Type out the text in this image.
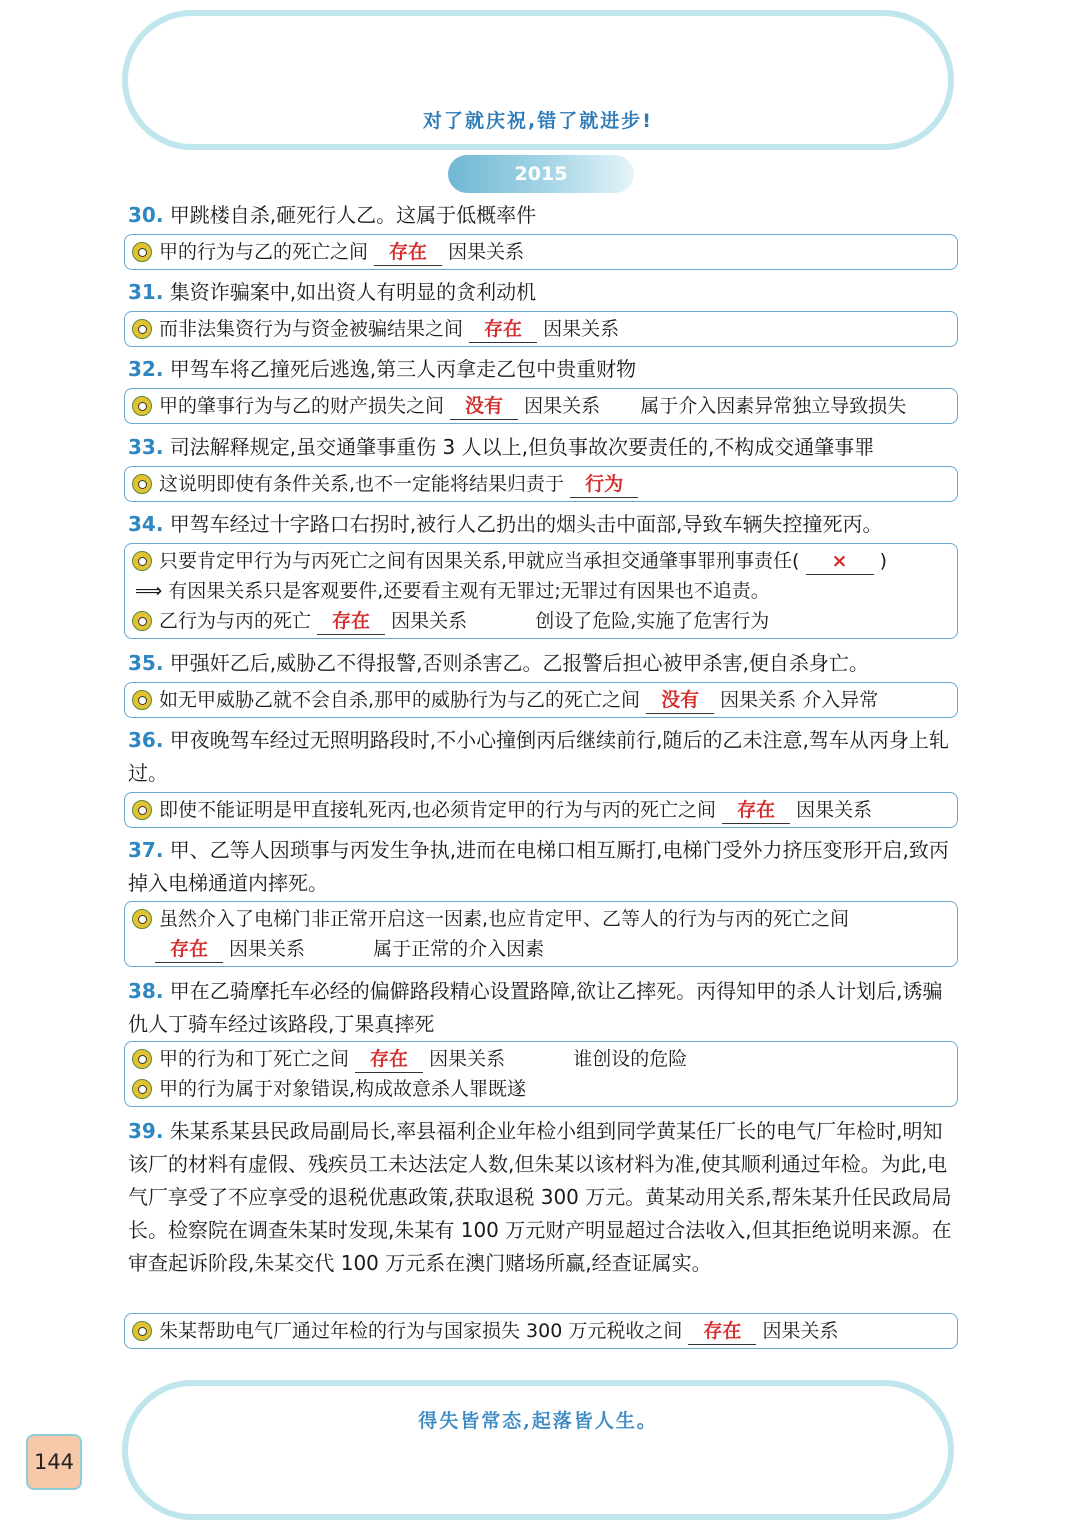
对了就庆祝,错了就进步!
2015
30. 甲跳楼自杀,砸死行人乙。这属于低概率件
甲的行为与乙的死亡之间 存在 因果关系
31. 集资诈骗案中,如出资人有明显的贪利动机
而非法集资行为与资金被骗结果之间 存在 因果关系
32. 甲驾车将乙撞死后逃逸,第三人丙拿走乙包中贵重财物
甲的肇事行为与乙的财产损失之间 没有 因果关系 属于介入因素异常独立导致损失
33. 司法解释规定,虽交通肇事重伤 3 人以上,但负事故次要责任的,不构成交通肇事罪
这说明即使有条件关系,也不一定能将结果归责于 行为
34. 甲驾车经过十字路口右拐时,被行人乙扔出的烟头击中面部,导致车辆失控撞死丙。
只要肯定甲行为与丙死亡之间有因果关系,甲就应当承担交通肇事罪刑事责任( × )
⟹ 有因果关系只是客观要件,还要看主观有无罪过;无罪过有因果也不追责。
乙行为与丙的死亡 存在 因果关系	创设了危险,实施了危害行为
35. 甲强奸乙后,威胁乙不得报警,否则杀害乙。乙报警后担心被甲杀害,便自杀身亡。
如无甲威胁乙就不会自杀,那甲的威胁行为与乙的死亡之间 没有 因果关系 介入异常
36. 甲夜晚驾车经过无照明路段时,不小心撞倒丙后继续前行,随后的乙未注意,驾车从丙身上轧过。
即使不能证明是甲直接轧死丙,也必须肯定甲的行为与丙的死亡之间 存在 因果关系
37. 甲、乙等人因琐事与丙发生争执,进而在电梯口相互厮打,电梯门受外力挤压变形开启,致丙掉入电梯通道内摔死。
虽然介入了电梯门非正常开启这一因素,也应肯定甲、乙等人的行为与丙的死亡之间
存在 因果关系	属于正常的介入因素
38. 甲在乙骑摩托车必经的偏僻路段精心设置路障,欲让乙摔死。丙得知甲的杀人计划后,诱骗仇人丁骑车经过该路段,丁果真摔死
甲的行为和丁死亡之间 存在 因果关系	谁创设的危险
甲的行为属于对象错误,构成故意杀人罪既遂
39. 朱某系某县民政局副局长,率县福利企业年检小组到同学黄某任厂长的电气厂年检时,明知该厂的材料有虚假、残疾员工未达法定人数,但朱某以该材料为准,使其顺利通过年检。为此,电气厂享受了不应享受的退税优惠政策,获取退税 300 万元。黄某动用关系,帮朱某升任民政局局长。检察院在调查朱某时发现,朱某有 100 万元财产明显超过合法收入,但其拒绝说明来源。在审查起诉阶段,朱某交代 100 万元系在澳门赌场所赢,经查证属实。
朱某帮助电气厂通过年检的行为与国家损失 300 万元税收之间 存在 因果关系
得失皆常态,起落皆人生。
144
